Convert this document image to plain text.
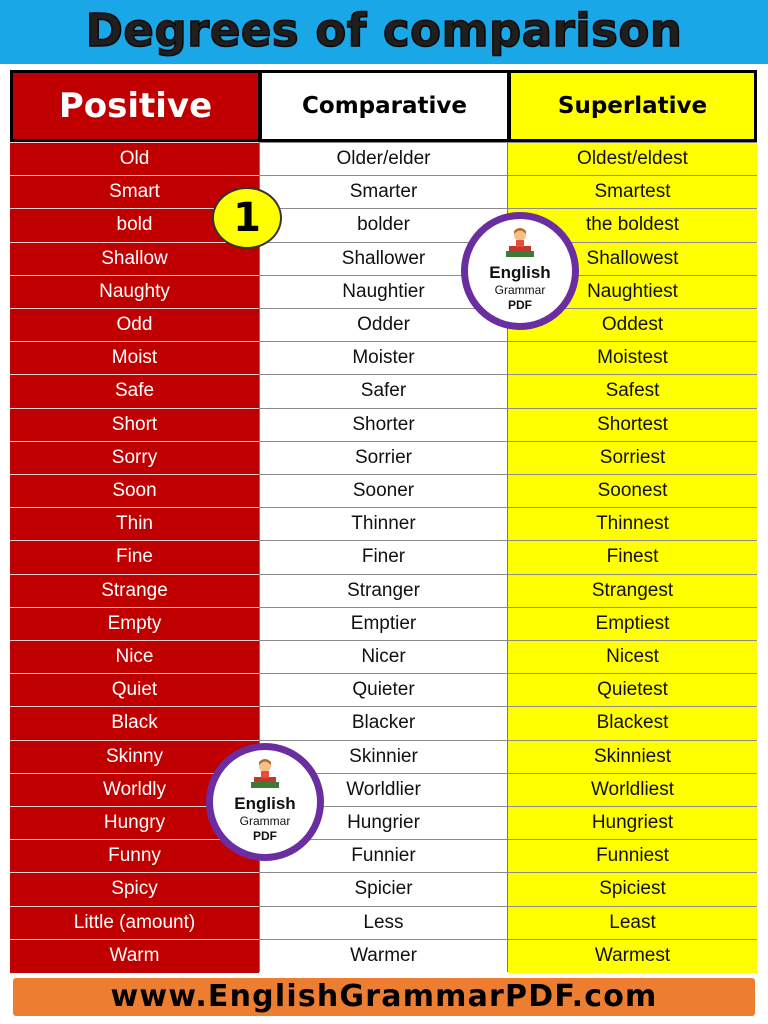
Degrees of comparison
Positive	Comparative	Superlative
Old	Older/elder	Oldest/eldest
Smart	Smarter	Smartest
bold	bolder	the boldest
Shallow	Shallower	Shallowest
Naughty	Naughtier	Naughtiest
Odd	Odder	Oddest
Moist	Moister	Moistest
Safe	Safer	Safest
Short	Shorter	Shortest
Sorry	Sorrier	Sorriest
Soon	Sooner	Soonest
Thin	Thinner	Thinnest
Fine	Finer	Finest
Strange	Stranger	Strangest
Empty	Emptier	Emptiest
Nice	Nicer	Nicest
Quiet	Quieter	Quietest
Black	Blacker	Blackest
Skinny	Skinnier	Skinniest
Worldly	Worldlier	Worldliest
Hungry	Hungrier	Hungriest
Funny	Funnier	Funniest
Spicy	Spicier	Spiciest
Little (amount)	Less	Least
Warm	Warmer	Warmest
1
English
Grammar
PDF
English
Grammar
PDF
www.EnglishGrammarPDF.com
